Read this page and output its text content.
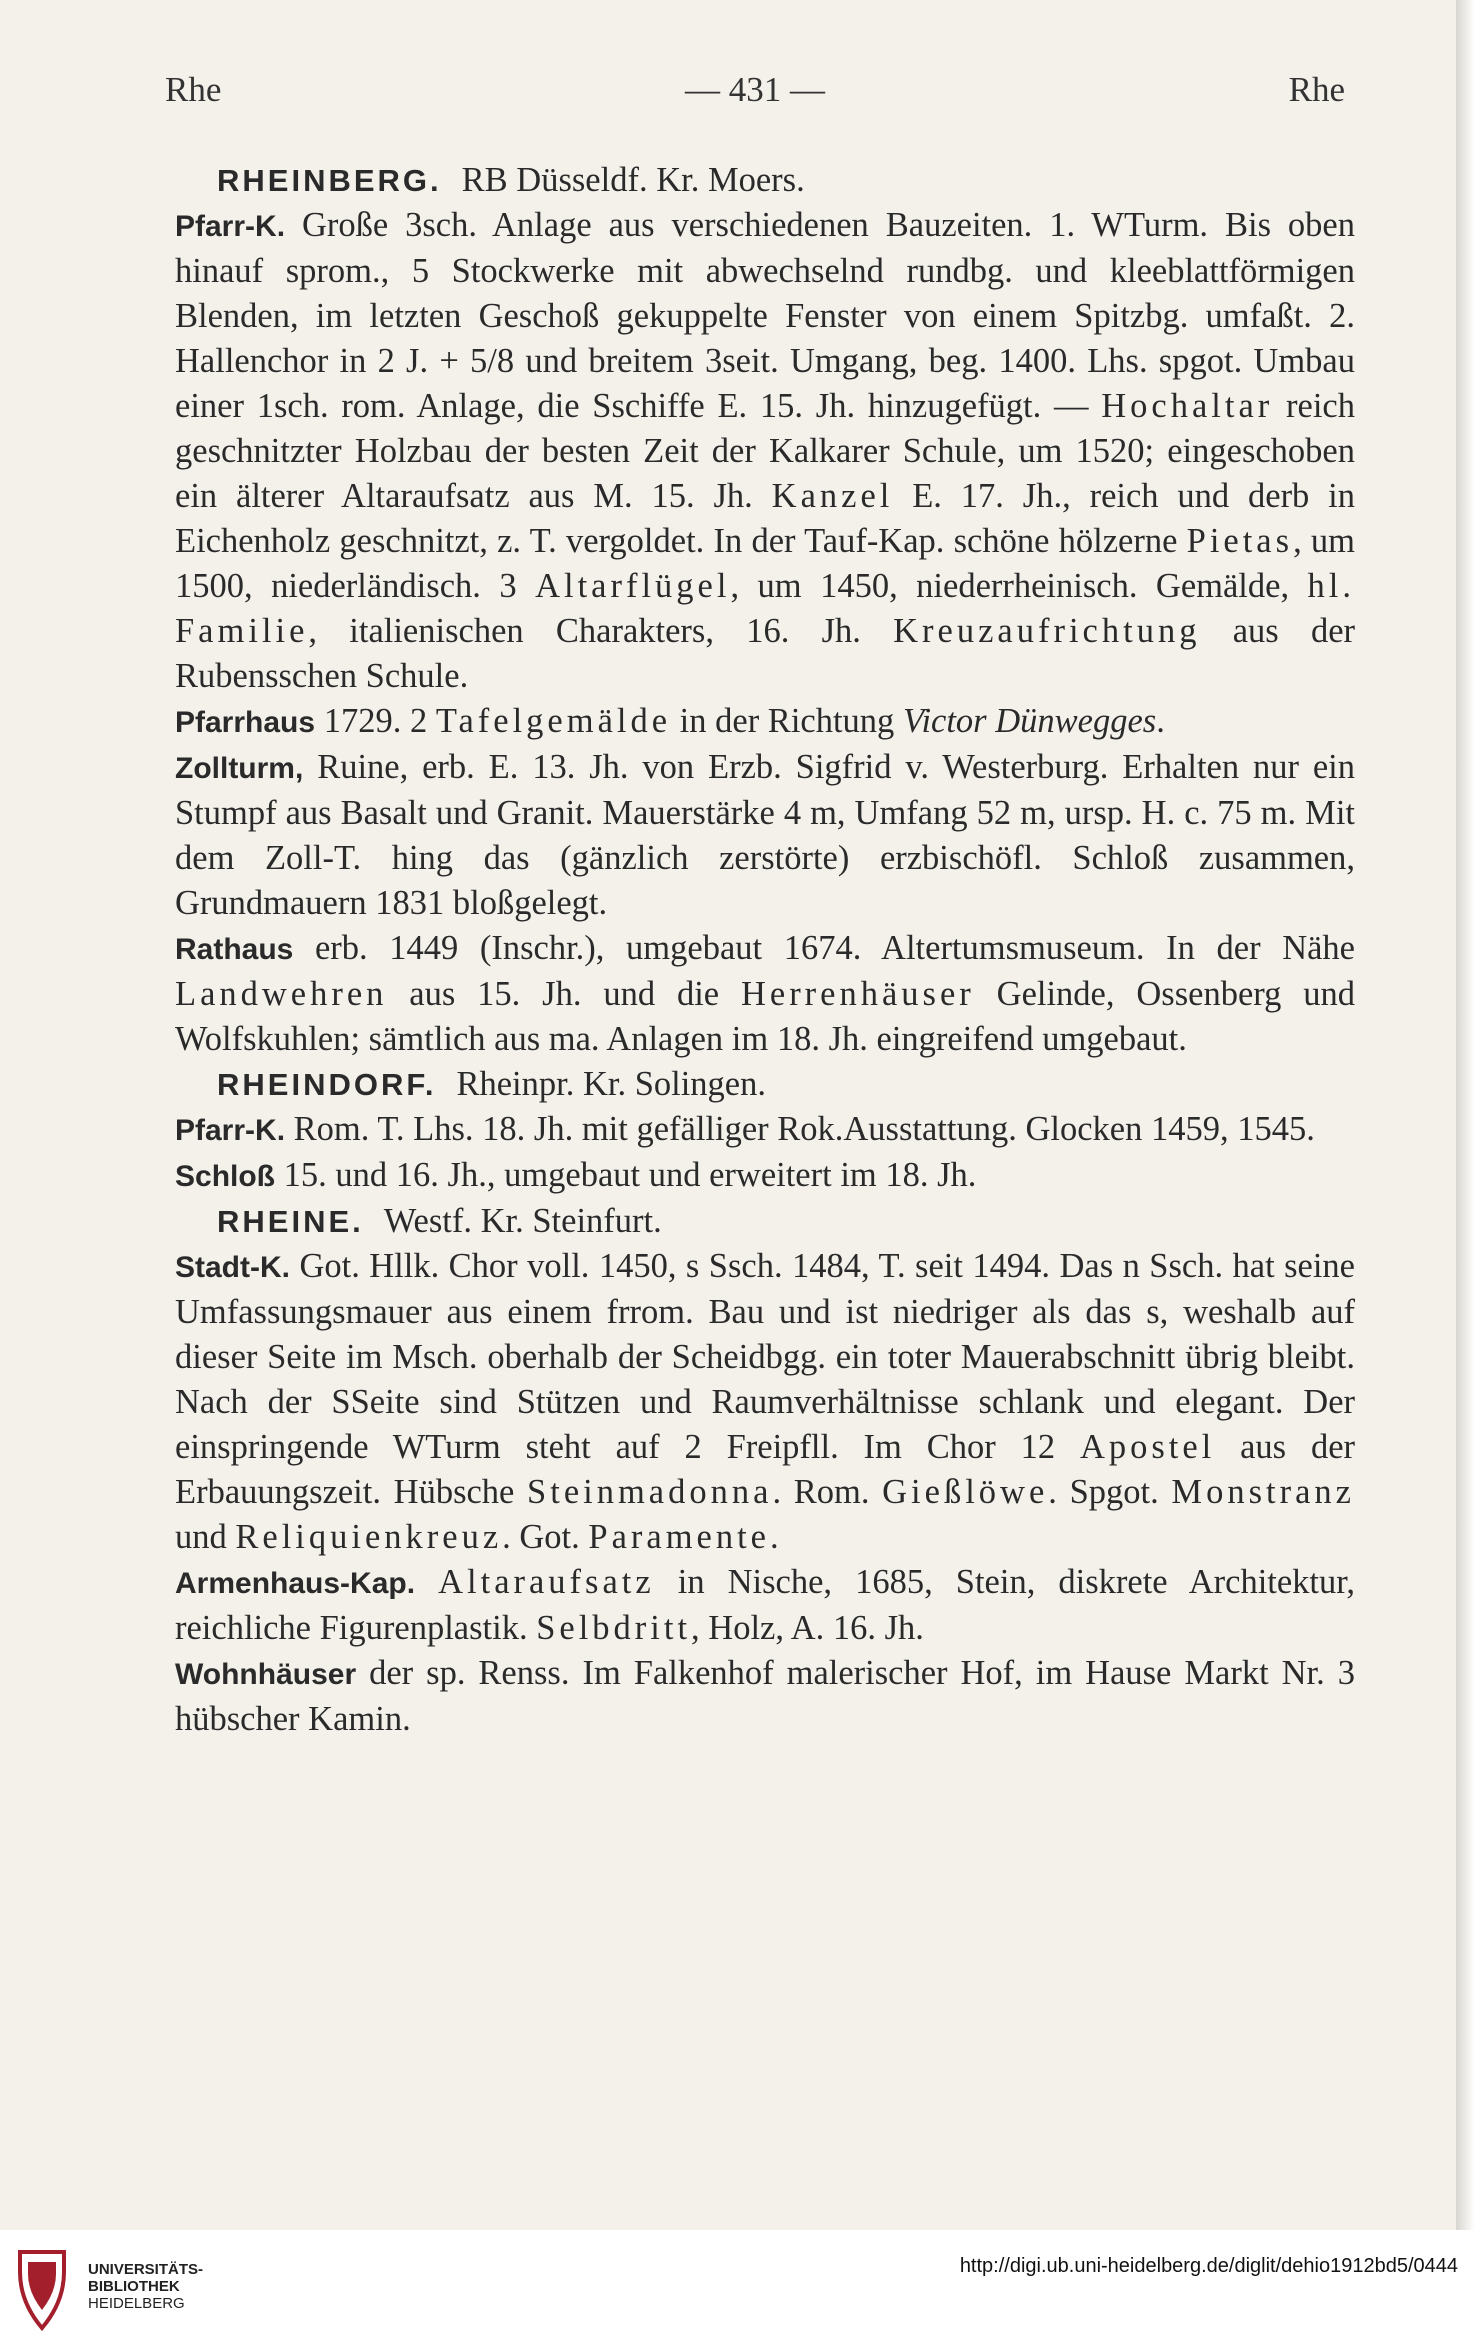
Rhe	— 431 —	Rhe

RHEINBERG. RB Düsseldf. Kr. Moers.

Pfarr-K. Große 3sch. Anlage aus verschiedenen Bauzeiten. 1. WTurm. Bis oben hinauf sprom., 5 Stockwerke mit abwechselnd rundbg. und kleeblattförmigen Blenden, im letzten Geschoß gekuppelte Fenster von einem Spitzbg. umfaßt. 2. Hallenchor in 2 J. + 5/8 und breitem 3seit. Umgang, beg. 1400. Lhs. spgot. Umbau einer 1sch. rom. Anlage, die Sschiffe E. 15. Jh. hinzugefügt. — Hochaltar reich geschnitzter Holzbau der besten Zeit der Kalkarer Schule, um 1520; eingeschoben ein älterer Altaraufsatz aus M. 15. Jh. Kanzel E. 17. Jh., reich und derb in Eichenholz geschnitzt, z. T. vergoldet. In der Tauf-Kap. schöne hölzerne Pietas, um 1500, niederländisch. 3 Altarflügel, um 1450, niederrheinisch. Gemälde, hl. Familie, italienischen Charakters, 16. Jh. Kreuzaufrichtung aus der Rubensschen Schule.

Pfarrhaus 1729. 2 Tafelgemälde in der Richtung Victor Dünwegges.

Zollturm, Ruine, erb. E. 13. Jh. von Erzb. Sigfrid v. Westerburg. Erhalten nur ein Stumpf aus Basalt und Granit. Mauerstärke 4 m, Umfang 52 m, ursp. H. c. 75 m. Mit dem Zoll-T. hing das (gänzlich zerstörte) erzbischöfl. Schloß zusammen, Grundmauern 1831 bloßgelegt.

Rathaus erb. 1449 (Inschr.), umgebaut 1674. Altertumsmuseum. In der Nähe Landwehren aus 15. Jh. und die Herrenhäuser Gelinde, Ossenberg und Wolfskuhlen; sämtlich aus ma. Anlagen im 18. Jh. eingreifend umgebaut.

RHEINDORF. Rheinpr. Kr. Solingen.

Pfarr-K. Rom. T. Lhs. 18. Jh. mit gefälliger Rok.Ausstattung. Glocken 1459, 1545.

Schloß 15. und 16. Jh., umgebaut und erweitert im 18. Jh.

RHEINE. Westf. Kr. Steinfurt.

Stadt-K. Got. Hllk. Chor voll. 1450, s Ssch. 1484, T. seit 1494. Das n Ssch. hat seine Umfassungsmauer aus einem frrom. Bau und ist niedriger als das s, weshalb auf dieser Seite im Msch. oberhalb der Scheidbgg. ein toter Mauerabschnitt übrig bleibt. Nach der SSeite sind Stützen und Raumverhältnisse schlank und elegant. Der einspringende WTurm steht auf 2 Freipfll. Im Chor 12 Apostel aus der Erbauungszeit. Hübsche Steinmadonna. Rom. Gießlöwe. Spgot. Monstranz und Reliquienkreuz. Got. Paramente.

Armenhaus-Kap. Altaraufsatz in Nische, 1685, Stein, diskrete Architektur, reichliche Figurenplastik. Selbdritt, Holz, A. 16. Jh.

Wohnhäuser der sp. Renss. Im Falkenhof malerischer Hof, im Hause Markt Nr. 3 hübscher Kamin.

UNIVERSITÄTS-
BIBLIOTHEK
HEIDELBERG
http://digi.ub.uni-heidelberg.de/diglit/dehio1912bd5/0444
